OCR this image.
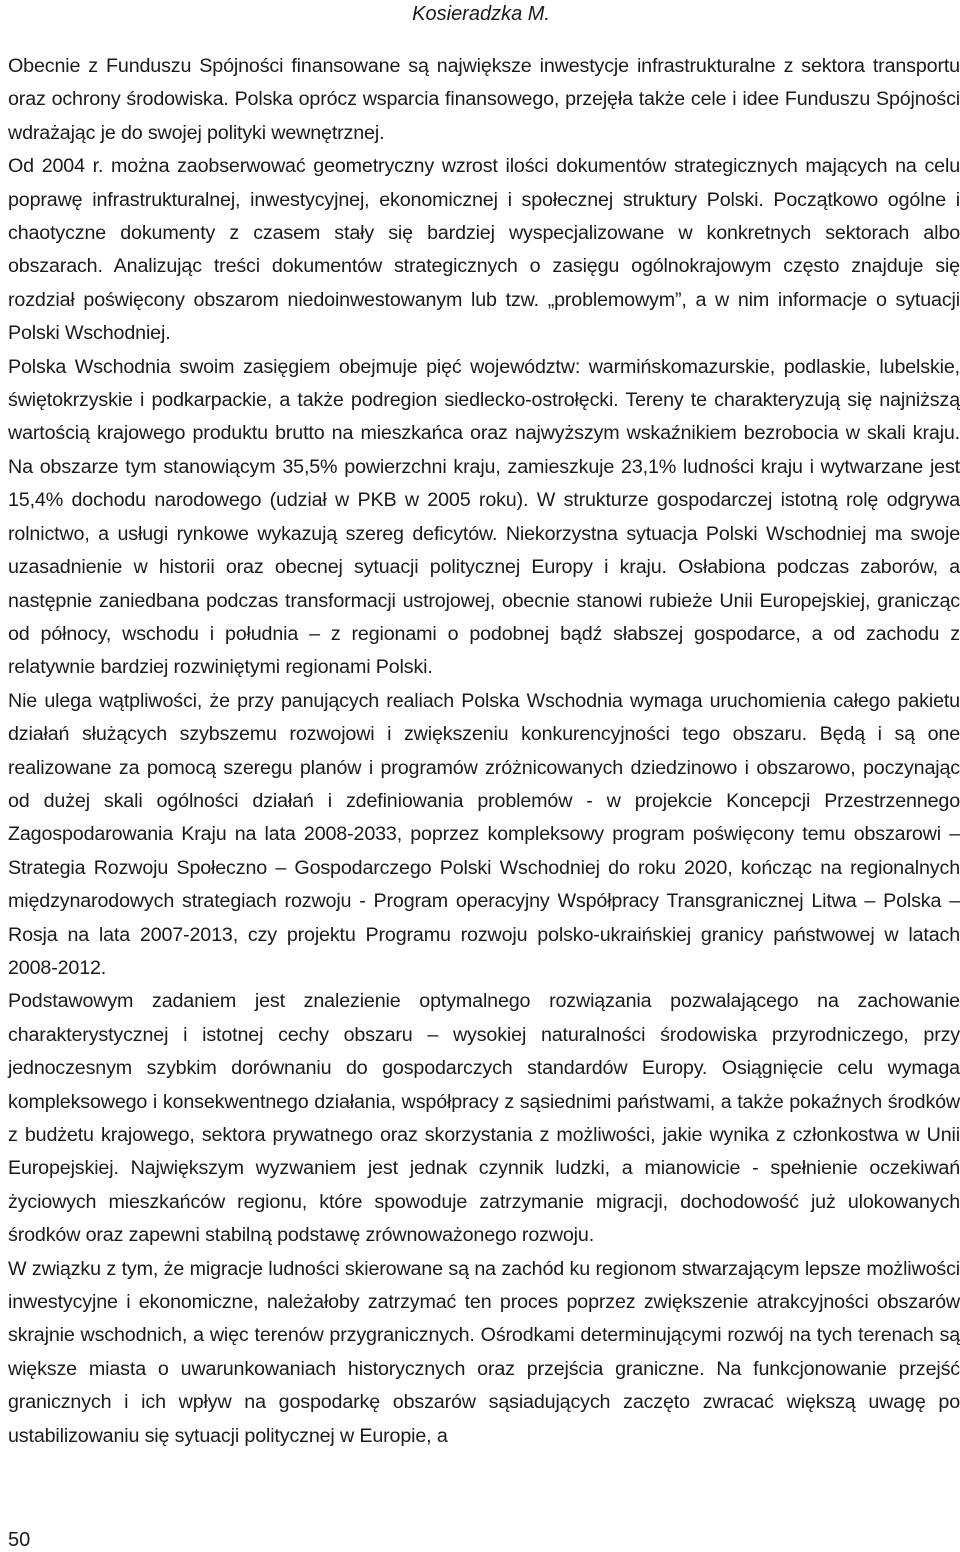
Kosieradzka M.

Obecnie z Funduszu Spójności finansowane są największe inwestycje infrastrukturalne z sektora transportu oraz ochrony środowiska. Polska oprócz wsparcia finansowego, przejęła także cele i idee Funduszu Spójności wdrażając je do swojej polityki wewnętrznej.

Od 2004 r. można zaobserwować geometryczny wzrost ilości dokumentów strategicznych mających na celu poprawę infrastrukturalnej, inwestycyjnej, ekonomicznej i społecznej struktury Polski. Początkowo ogólne i chaotyczne dokumenty z czasem stały się bardziej wyspecjalizowane w konkretnych sektorach albo obszarach. Analizując treści dokumentów strategicznych o zasięgu ogólnokrajowym często znajduje się rozdział poświęcony obszarom niedoinwestowanym lub tzw. „problemowym”, a w nim informacje o sytuacji Polski Wschodniej.

Polska Wschodnia swoim zasięgiem obejmuje pięć województw: warmińskomazurskie, podlaskie, lubelskie, świętokrzyskie i podkarpackie, a także podregion siedlecko-ostrołęcki. Tereny te charakteryzują się najniższą wartością krajowego produktu brutto na mieszkańca oraz najwyższym wskaźnikiem bezrobocia w skali kraju. Na obszarze tym stanowiącym 35,5% powierzchni kraju, zamieszkuje 23,1% ludności kraju i wytwarzane jest 15,4% dochodu narodowego (udział w PKB w 2005 roku). W strukturze gospodarczej istotną rolę odgrywa rolnictwo, a usługi rynkowe wykazują szereg deficytów. Niekorzystna sytuacja Polski Wschodniej ma swoje uzasadnienie w historii oraz obecnej sytuacji politycznej Europy i kraju. Osłabiona podczas zaborów, a następnie zaniedbana podczas transformacji ustrojowej, obecnie stanowi rubieże Unii Europejskiej, granicząc od północy, wschodu i południa – z regionami o podobnej bądź słabszej gospodarce, a od zachodu z relatywnie bardziej rozwiniętymi regionami Polski.

Nie ulega wątpliwości, że przy panujących realiach Polska Wschodnia wymaga uruchomienia całego pakietu działań służących szybszemu rozwojowi i zwiększeniu konkurencyjności tego obszaru. Będą i są one realizowane za pomocą szeregu planów i programów zróżnicowanych dziedzinowo i obszarowo, poczynając od dużej skali ogólności działań i zdefiniowania problemów - w projekcie Koncepcji Przestrzennego Zagospodarowania Kraju na lata 2008-2033, poprzez kompleksowy program poświęcony temu obszarowi – Strategia Rozwoju Społeczno – Gospodarczego Polski Wschodniej do roku 2020, kończąc na regionalnych międzynarodowych strategiach rozwoju - Program operacyjny Współpracy Transgranicznej Litwa – Polska – Rosja na lata 2007-2013, czy projektu Programu rozwoju polsko-ukraińskiej granicy państwowej w latach 2008-2012.

Podstawowym zadaniem jest znalezienie optymalnego rozwiązania pozwalającego na zachowanie charakterystycznej i istotnej cechy obszaru – wysokiej naturalności środowiska przyrodniczego, przy jednoczesnym szybkim dorównaniu do gospodarczych standardów Europy. Osiągnięcie celu wymaga kompleksowego i konsekwentnego działania, współpracy z sąsiednimi państwami, a także pokaźnych środków z budżetu krajowego, sektora prywatnego oraz skorzystania z możliwości, jakie wynika z członkostwa w Unii Europejskiej. Największym wyzwaniem jest jednak czynnik ludzki, a mianowicie - spełnienie oczekiwań życiowych mieszkańców regionu, które spowoduje zatrzymanie migracji, dochodowość już ulokowanych środków oraz zapewni stabilną podstawę zrównoważonego rozwoju.

W związku z tym, że migracje ludności skierowane są na zachód ku regionom stwarzającym lepsze możliwości inwestycyjne i ekonomiczne, należałoby zatrzymać ten proces poprzez zwiększenie atrakcyjności obszarów skrajnie wschodnich, a więc terenów przygranicznych. Ośrodkami determinującymi rozwój na tych terenach są większe miasta o uwarunkowaniach historycznych oraz przejścia graniczne. Na funkcjonowanie przejść granicznych i ich wpływ na gospodarkę obszarów sąsiadujących zaczęto zwracać większą uwagę po ustabilizowaniu się sytuacji politycznej w Europie, a

50
